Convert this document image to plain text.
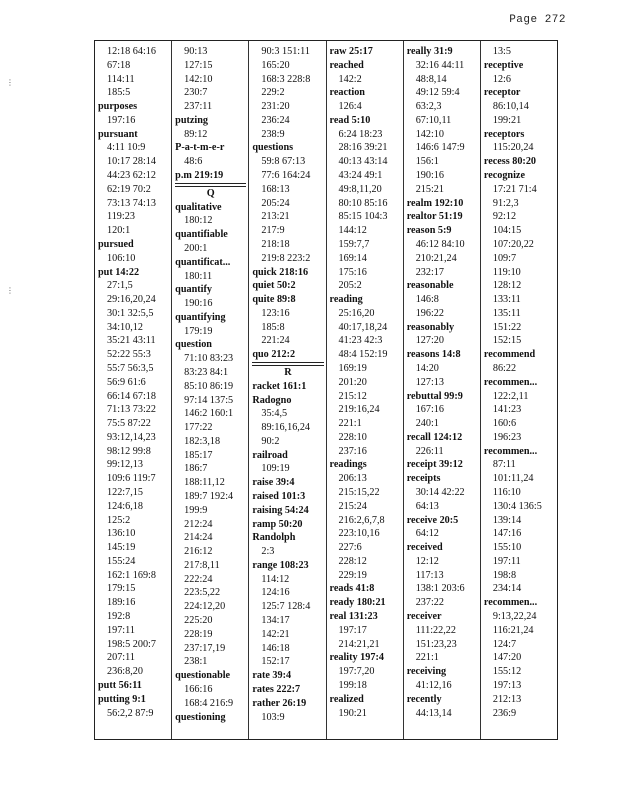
Page 272
⋮
⋮
12:18 64:16
67:18
114:11
185:5
purposes
197:16
pursuant
4:11 10:9
10:17 28:14
44:23 62:12
62:19 70:2
73:13 74:13
119:23
120:1
pursued
106:10
put 14:22
27:1,5
29:16,20,24
30:1 32:5,5
34:10,12
35:21 43:11
52:22 55:3
55:7 56:3,5
56:9 61:6
66:14 67:18
71:13 73:22
75:5 87:22
93:12,14,23
98:12 99:8
99:12,13
109:6 119:7
122:7,15
124:6,18
125:2
136:10
145:19
155:24
162:1 169:8
179:15
189:16
192:8
197:11
198:5 200:7
207:11
236:8,20
putt 56:11
putting 9:1
56:2,2 87:9
90:13
127:15
142:10
230:7
237:11
putzing
89:12
P-a-t-m-e-r
48:6
p.m 219:19
Q
qualitative
180:12
quantifiable
200:1
quantificat...
180:11
quantify
190:16
quantifying
179:19
question
71:10 83:23
83:23 84:1
85:10 86:19
97:14 137:5
146:2 160:1
177:22
182:3,18
185:17
186:7
188:11,12
189:7 192:4
199:9
212:24
214:24
216:12
217:8,11
222:24
223:5,22
224:12,20
225:20
228:19
237:17,19
238:1
questionable
166:16
168:4 216:9
questioning
90:3 151:11
165:20
168:3 228:8
229:2
231:20
236:24
238:9
questions
59:8 67:13
77:6 164:24
168:13
205:24
213:21
217:9
218:18
219:8 223:2
quick 218:16
quiet 50:2
quite 89:8
123:16
185:8
221:24
quo 212:2
R
racket 161:1
Radogno
35:4,5
89:16,16,24
90:2
railroad
109:19
raise 39:4
raised 101:3
raising 54:24
ramp 50:20
Randolph
2:3
range 108:23
114:12
124:16
125:7 128:4
134:17
142:21
146:18
152:17
rate 39:4
rates 222:7
rather 26:19
103:9
raw 25:17
reached
142:2
reaction
126:4
read 5:10
6:24 18:23
28:16 39:21
40:13 43:14
43:24 49:1
49:8,11,20
80:10 85:16
85:15 104:3
144:12
159:7,7
169:14
175:16
205:2
reading
25:16,20
40:17,18,24
41:23 42:3
48:4 152:19
169:19
201:20
215:12
219:16,24
221:1
228:10
237:16
readings
206:13
215:15,22
215:24
216:2,6,7,8
223:10,16
227:6
228:12
229:19
reads 41:8
ready 180:21
real 131:23
197:17
214:21,21
reality 197:4
197:7,20
199:18
realized
190:21
really 31:9
32:16 44:11
48:8,14
49:12 59:4
63:2,3
67:10,11
142:10
146:6 147:9
156:1
190:16
215:21
realm 192:10
realtor 51:19
reason 5:9
46:12 84:10
210:21,24
232:17
reasonable
146:8
196:22
reasonably
127:20
reasons 14:8
14:20
127:13
rebuttal 99:9
167:16
240:1
recall 124:12
226:11
receipt 39:12
receipts
30:14 42:22
64:13
receive 20:5
64:12
received
12:12
117:13
138:1 203:6
237:22
receiver
111:22,22
151:23,23
221:1
receiving
41:12,16
recently
44:13,14
13:5
receptive
12:6
receptor
86:10,14
199:21
receptors
115:20,24
recess 80:20
recognize
17:21 71:4
91:2,3
92:12
104:15
107:20,22
109:7
119:10
128:12
133:11
135:11
151:22
152:15
recommend
86:22
recommen...
122:2,11
141:23
160:6
196:23
recommen...
87:11
101:11,24
116:10
130:4 136:5
139:14
147:16
155:10
197:11
198:8
234:14
recommen...
9:13,22,24
116:21,24
124:7
147:20
155:12
197:13
212:13
236:9
